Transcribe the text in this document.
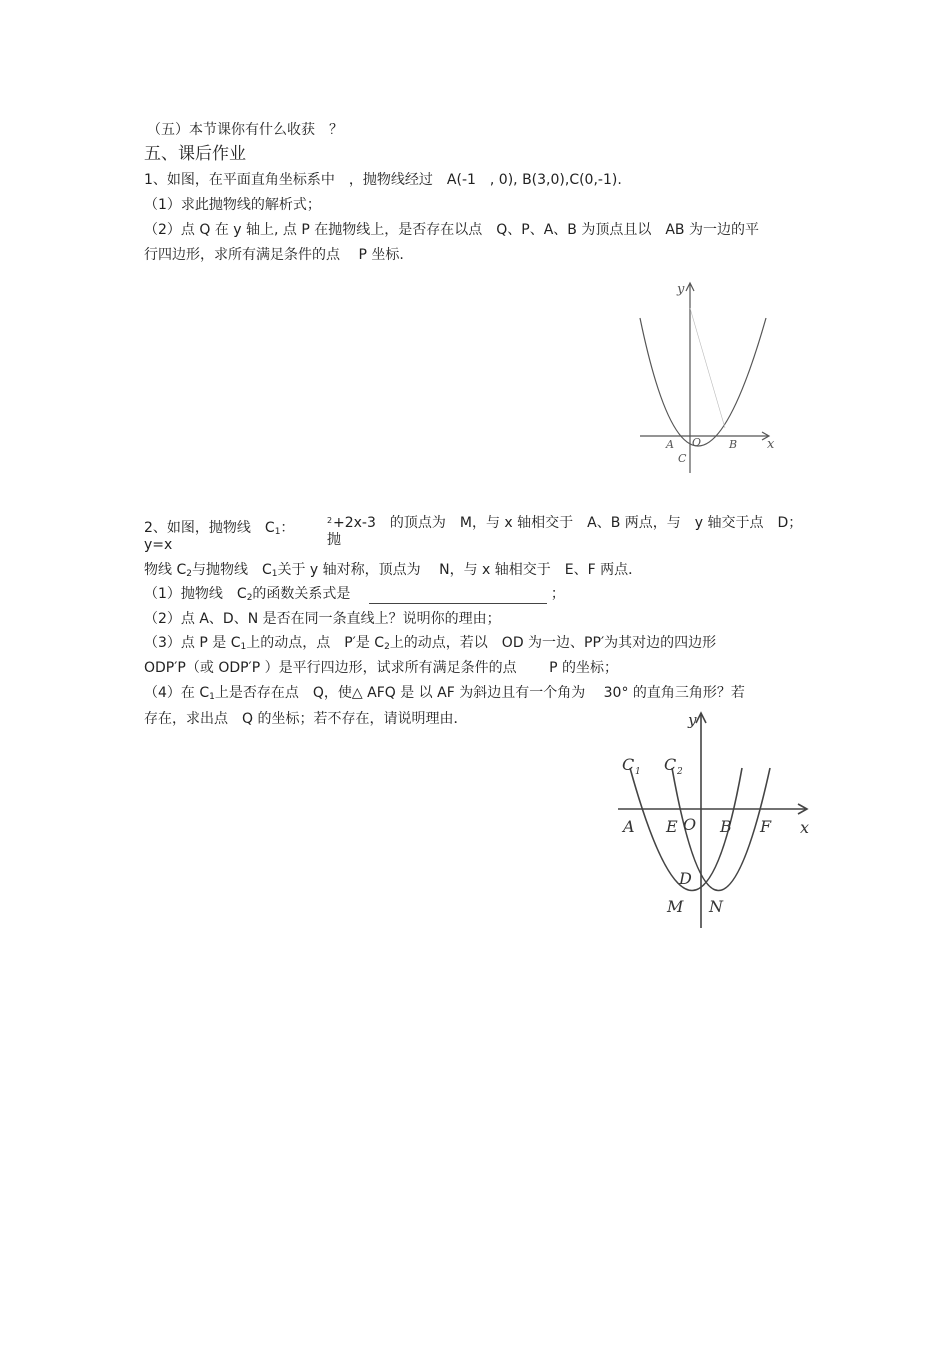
（五）本节课你有什么收获　？
五、课后作业
1、如图，在平面直角坐标系中　，抛物线经过　A(-1　, 0), B(3,0),C(0,-1).
（1）求此抛物线的解析式；
（2）点 Q 在 y 轴上, 点 P 在抛物线上，是否存在以点　Q、P、A、B 为顶点且以　AB 为一边的平
行四边形，求所有满足条件的点　 P 坐标.
y
x
A O	B
C
2、如图，抛物线　$C_1$：
y=x
2 +2x-3　的顶点为　M，与 x 轴相交于　A、B 两点，与　y 轴交于点　D；
抛
物线 $C_2$与抛物线　$C_1$关于 y 轴对称，顶点为　 N，与 x 轴相交于　E、F 两点．
（1）抛物线　$C_2$的函数关系式是	；
（2）点 A、D、N 是否在同一条直线上？说明你的理由；
（3）点 P 是 $C_1$上的动点，点　P′是 $C_2$上的动点，若以　OD 为一边、PP′为其对边的四边形
ODP′P（或 ODP′P ）是平行四边形，试求所有满足条件的点　　 P 的坐标；
（4）在 $C_1$上是否存在点　Q，使△ AFQ 是 以 AF 为斜边且有一个角为　 30° 的直角三角形？若
存在，求出点　Q 的坐标；若不存在，请说明理由．
C 1 C 2
y
x
A E O B F
D
M N
